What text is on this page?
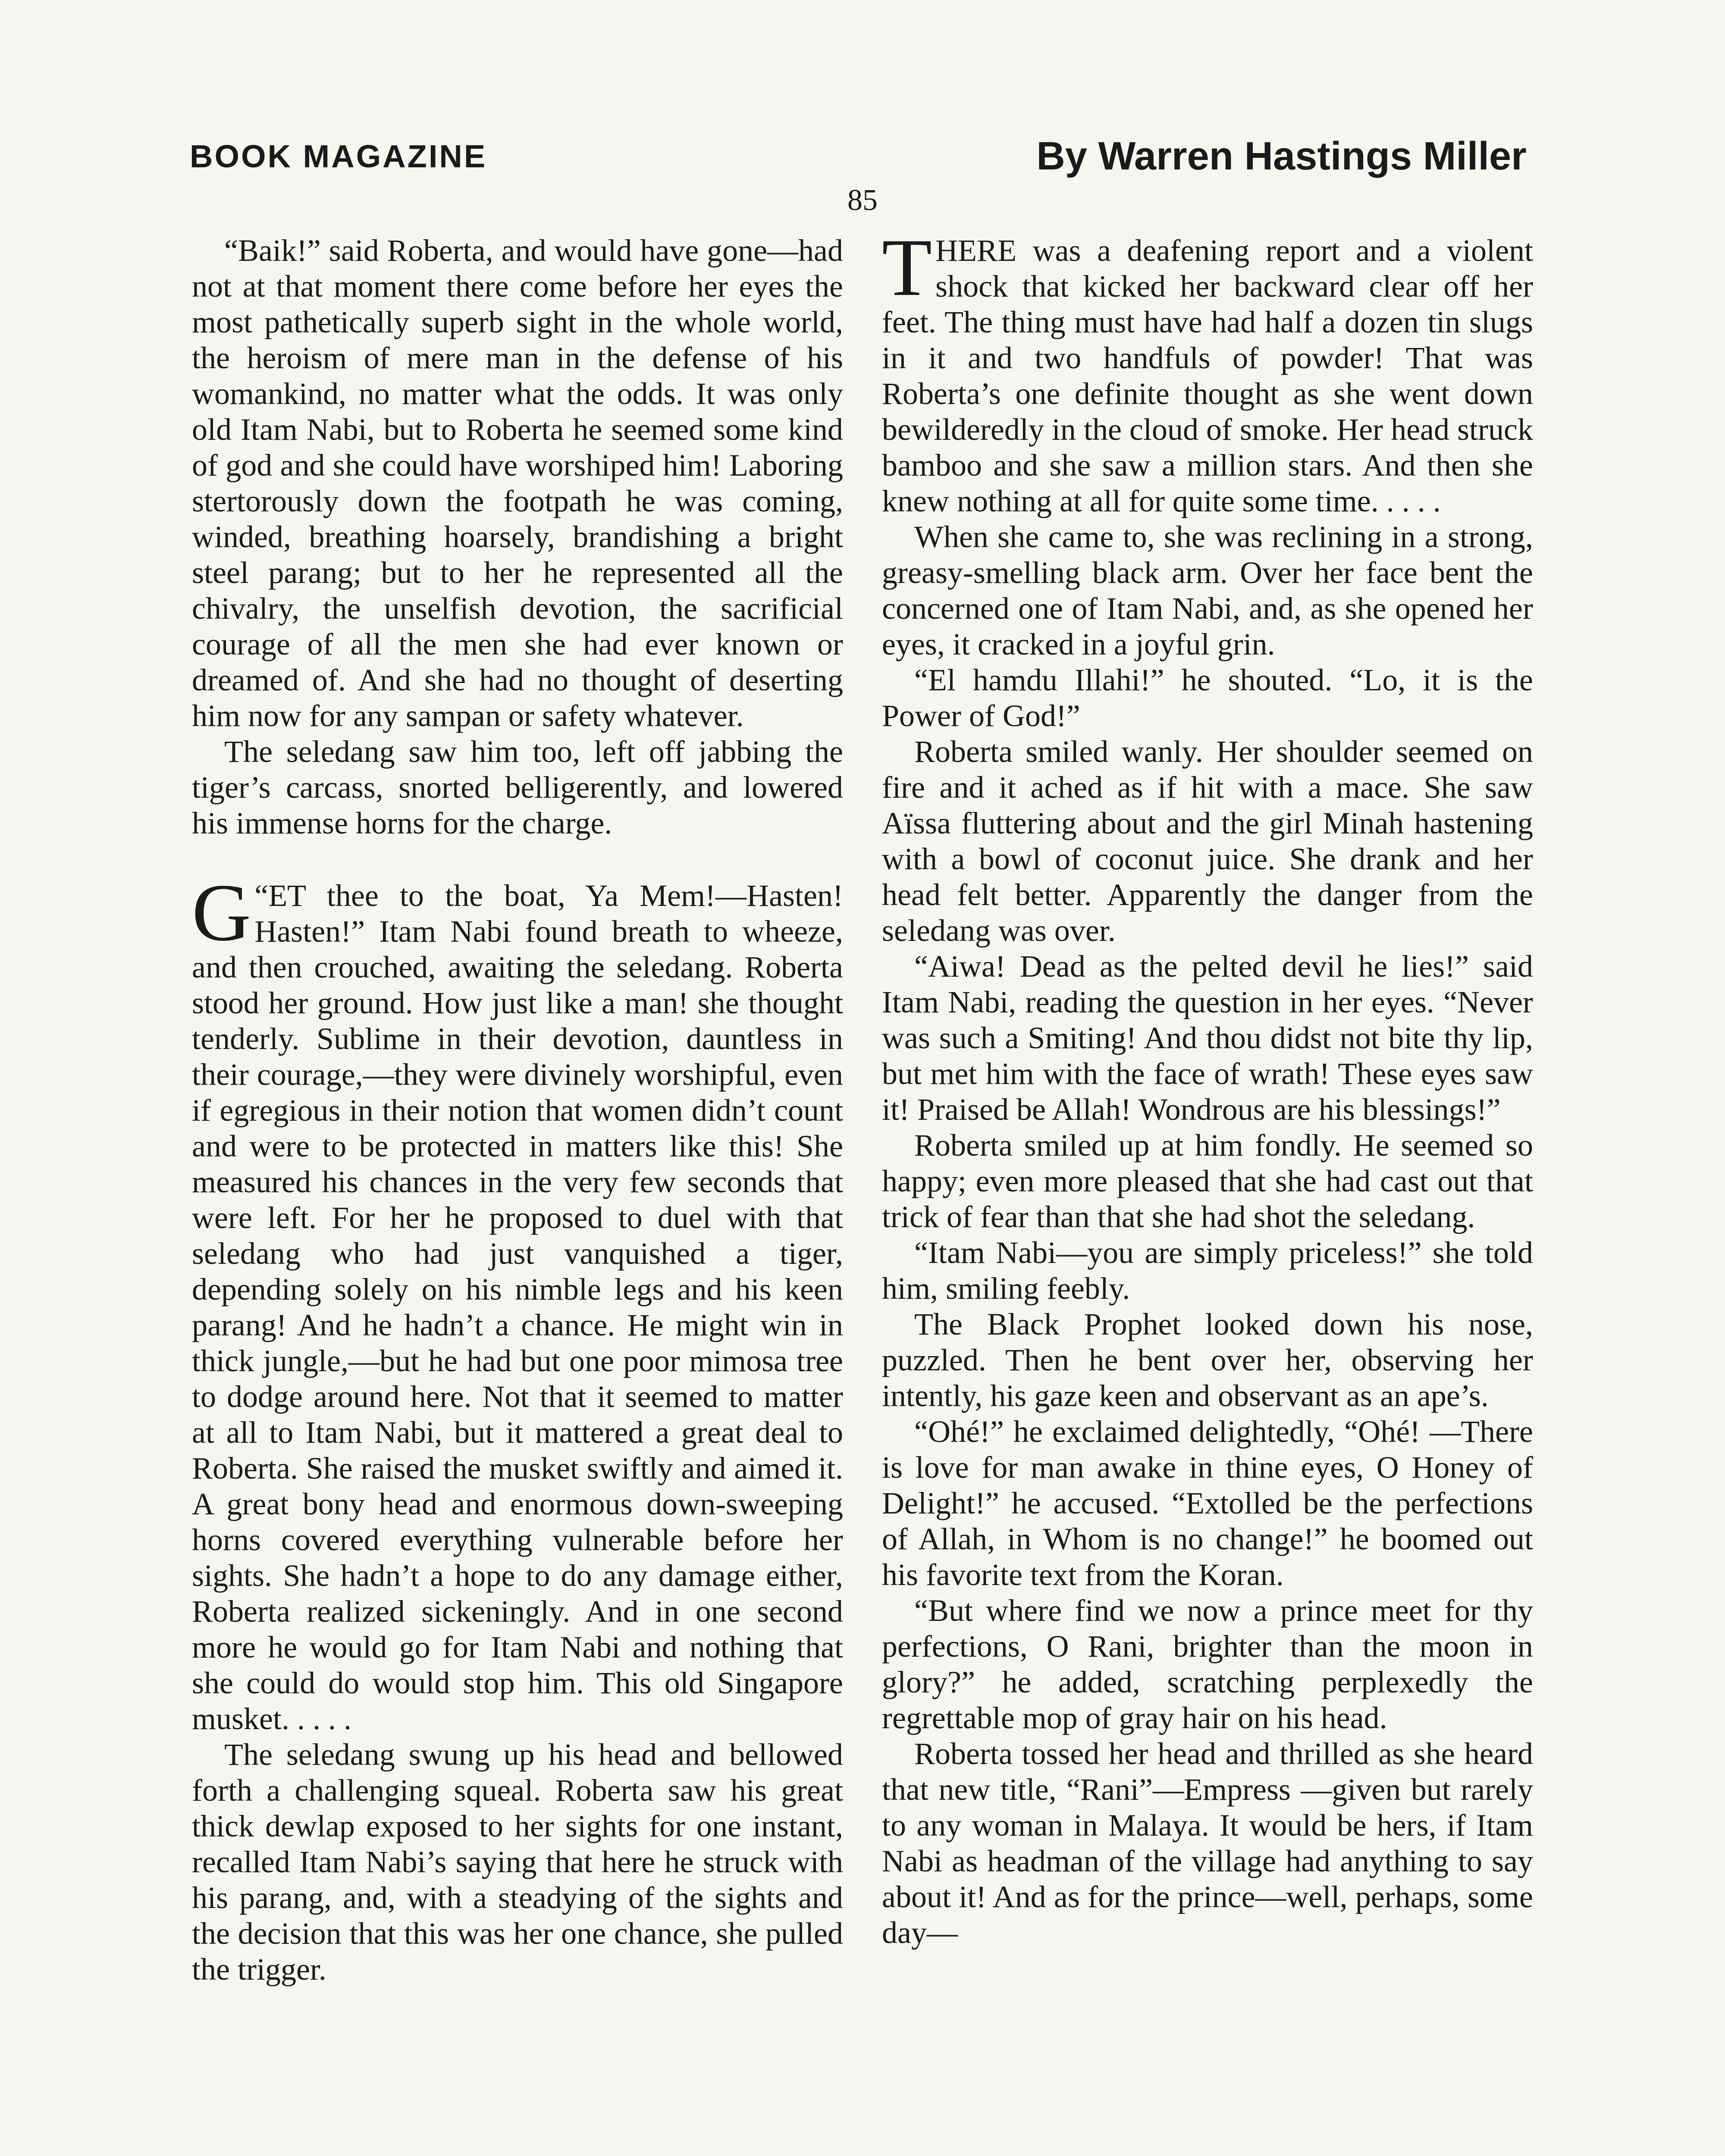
BOOK MAGAZINE	By Warren Hastings Miller
85

“Baik!” said Roberta, and would have gone—had not at that moment there come before her eyes the most pathetically superb sight in the whole world, the heroism of mere man in the defense of his womankind, no matter what the odds. It was only old Itam Nabi, but to Roberta he seemed some kind of god and she could have worshiped him! Laboring stertorously down the footpath he was coming, winded, breathing hoarsely, brandishing a bright steel parang; but to her he represented all the chivalry, the unselfish devotion, the sacrificial courage of all the men she had ever known or dreamed of. And she had no thought of deserting him now for any sampan or safety whatever.

The seledang saw him too, left off jabbing the tiger’s carcass, snorted belligerently, and lowered his immense horns for the charge.

“
G ET thee to the boat, Ya Mem!—Hasten! Hasten!” Itam Nabi found breath to wheeze, and then crouched, awaiting the seledang. Roberta stood her ground. How just like a man! she thought tenderly. Sublime in their devotion, dauntless in their courage,—they were divinely worshipful, even if egregious in their notion that women didn’t count and were to be protected in matters like this! She measured his chances in the very few seconds that were left. For her he proposed to duel with that seledang who had just vanquished a tiger, depending solely on his nimble legs and his keen parang! And he hadn’t a chance. He might win in thick jungle,—but he had but one poor mimosa tree to dodge around here. Not that it seemed to matter at all to Itam Nabi, but it mattered a great deal to Roberta. She raised the musket swiftly and aimed it. A great bony head and enormous down-sweeping horns covered everything vulnerable before her sights. She hadn’t a hope to do any damage either, Roberta realized sickeningly. And in one second more he would go for Itam Nabi and nothing that she could do would stop him. This old Singapore musket. . . . .

The seledang swung up his head and bellowed forth a challenging squeal. Roberta saw his great thick dewlap exposed to her sights for one instant, recalled Itam Nabi’s saying that here he struck with his parang, and, with a steadying of the sights and the decision that this was her one chance, she pulled the trigger.

THERE was a deafening report and a violent shock that kicked her backward clear off her feet. The thing must have had half a dozen tin slugs in it and two handfuls of powder! That was Roberta’s one definite thought as she went down bewilderedly in the cloud of smoke. Her head struck bamboo and she saw a million stars. And then she knew nothing at all for quite some time. . . . .

When she came to, she was reclining in a strong, greasy-smelling black arm. Over her face bent the concerned one of Itam Nabi, and, as she opened her eyes, it cracked in a joyful grin.

“El hamdu Illahi!” he shouted. “Lo, it is the Power of God!”

Roberta smiled wanly. Her shoulder seemed on fire and it ached as if hit with a mace. She saw Aïssa fluttering about and the girl Minah hastening with a bowl of coconut juice. She drank and her head felt better. Apparently the danger from the seledang was over.

“Aiwa! Dead as the pelted devil he lies!” said Itam Nabi, reading the question in her eyes. “Never was such a Smiting! And thou didst not bite thy lip, but met him with the face of wrath! These eyes saw it! Praised be Allah! Wondrous are his blessings!”

Roberta smiled up at him fondly. He seemed so happy; even more pleased that she had cast out that trick of fear than that she had shot the seledang.

“Itam Nabi—you are simply priceless!” she told him, smiling feebly.

The Black Prophet looked down his nose, puzzled. Then he bent over her, observing her intently, his gaze keen and observant as an ape’s.

“Ohé!” he exclaimed delightedly, “Ohé! —There is love for man awake in thine eyes, O Honey of Delight!” he accused. “Extolled be the perfections of Allah, in Whom is no change!” he boomed out his favorite text from the Koran.

“But where find we now a prince meet for thy perfections, O Rani, brighter than the moon in glory?” he added, scratching perplexedly the regrettable mop of gray hair on his head.

Roberta tossed her head and thrilled as she heard that new title, “Rani”—Empress —given but rarely to any woman in Malaya. It would be hers, if Itam Nabi as headman of the village had anything to say about it! And as for the prince—well, perhaps, some day—
